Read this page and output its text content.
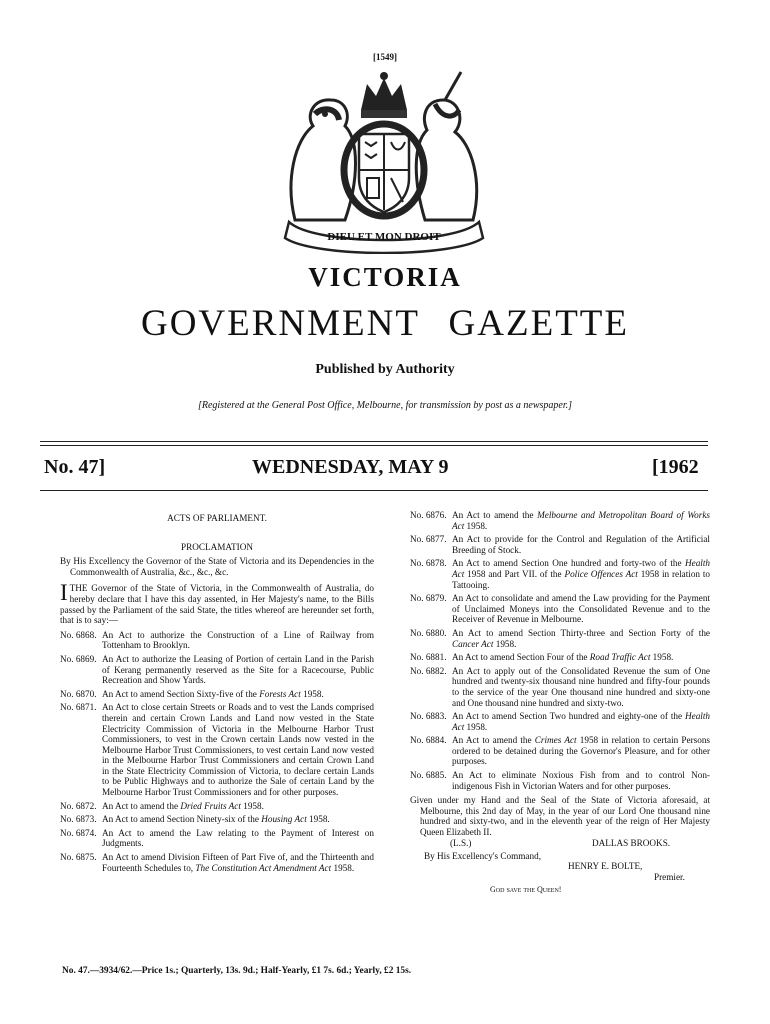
[1549]
DIEU ET MON DROIT
VICTORIA
GOVERNMENT GAZETTE
Published by Authority
[Registered at the General Post Office, Melbourne, for transmission by post as a newspaper.]
No. 47]	WEDNESDAY, MAY 9	[1962

ACTS OF PARLIAMENT.

PROCLAMATION

By His Excellency the Governor of the State of Victoria and its Dependencies in the Commonwealth of Australia, &c., &c., &c.

ITHE Governor of the State of Victoria, in the Commonwealth of Australia, do hereby declare that I have this day assented, in Her Majesty's name, to the Bills passed by the Parliament of the said State, the titles whereof are hereunder set forth, that is to say:—

No. 6868. An Act to authorize the Construction of a Line of Railway from Tottenham to Brooklyn.
No. 6869. An Act to authorize the Leasing of Portion of certain Land in the Parish of Kerang permanently reserved as the Site for a Racecourse, Public Recreation and Show Yards.
No. 6870. An Act to amend Section Sixty-five of the Forests Act 1958.
No. 6871. An Act to close certain Streets or Roads and to vest the Lands comprised therein and certain Crown Lands and Land now vested in the State Electricity Commission of Victoria in the Melbourne Harbor Trust Commissioners, to vest in the Crown certain Lands now vested in the Melbourne Harbor Trust Commissioners, to vest certain Land now vested in the Melbourne Harbor Trust Commissioners and certain Crown Land in the State Electricity Commission of Victoria, to declare certain Lands to be Public Highways and to authorize the Sale of certain Land by the Melbourne Harbor Trust Commissioners and for other purposes.
No. 6872. An Act to amend the Dried Fruits Act 1958.
No. 6873. An Act to amend Section Ninety-six of the Housing Act 1958.
No. 6874. An Act to amend the Law relating to the Payment of Interest on Judgments.
No. 6875. An Act to amend Division Fifteen of Part Five of, and the Thirteenth and Fourteenth Schedules to, The Constitution Act Amendment Act 1958.
No. 6876. An Act to amend the Melbourne and Metropolitan Board of Works Act 1958.
No. 6877. An Act to provide for the Control and Regulation of the Artificial Breeding of Stock.
No. 6878. An Act to amend Section One hundred and forty-two of the Health Act 1958 and Part VII. of the Police Offences Act 1958 in relation to Tattooing.
No. 6879. An Act to consolidate and amend the Law providing for the Payment of Unclaimed Moneys into the Consolidated Revenue and to the Receiver of Revenue in Melbourne.
No. 6880. An Act to amend Section Thirty-three and Section Forty of the Cancer Act 1958.
No. 6881. An Act to amend Section Four of the Road Traffic Act 1958.
No. 6882. An Act to apply out of the Consolidated Revenue the sum of One hundred and twenty-six thousand nine hundred and fifty-four pounds to the service of the year One thousand nine hundred and sixty-one and One thousand nine hundred and sixty-two.
No. 6883. An Act to amend Section Two hundred and eighty-one of the Health Act 1958.
No. 6884. An Act to amend the Crimes Act 1958 in relation to certain Persons ordered to be detained during the Governor's Pleasure, and for other purposes.
No. 6885. An Act to eliminate Noxious Fish from and to control Non-indigenous Fish in Victorian Waters and for other purposes.

Given under my Hand and the Seal of the State of Victoria aforesaid, at Melbourne, this 2nd day of May, in the year of our Lord One thousand nine hundred and sixty-two, and in the eleventh year of the reign of Her Majesty Queen Elizabeth II.

(L.S.)	DALLAS BROOKS.

By His Excellency's Command,

HENRY E. BOLTE,

Premier.

God save the Queen!

No. 47.—3934/62.—Price 1s.; Quarterly, 13s. 9d.; Half-Yearly, £1 7s. 6d.; Yearly, £2 15s.
